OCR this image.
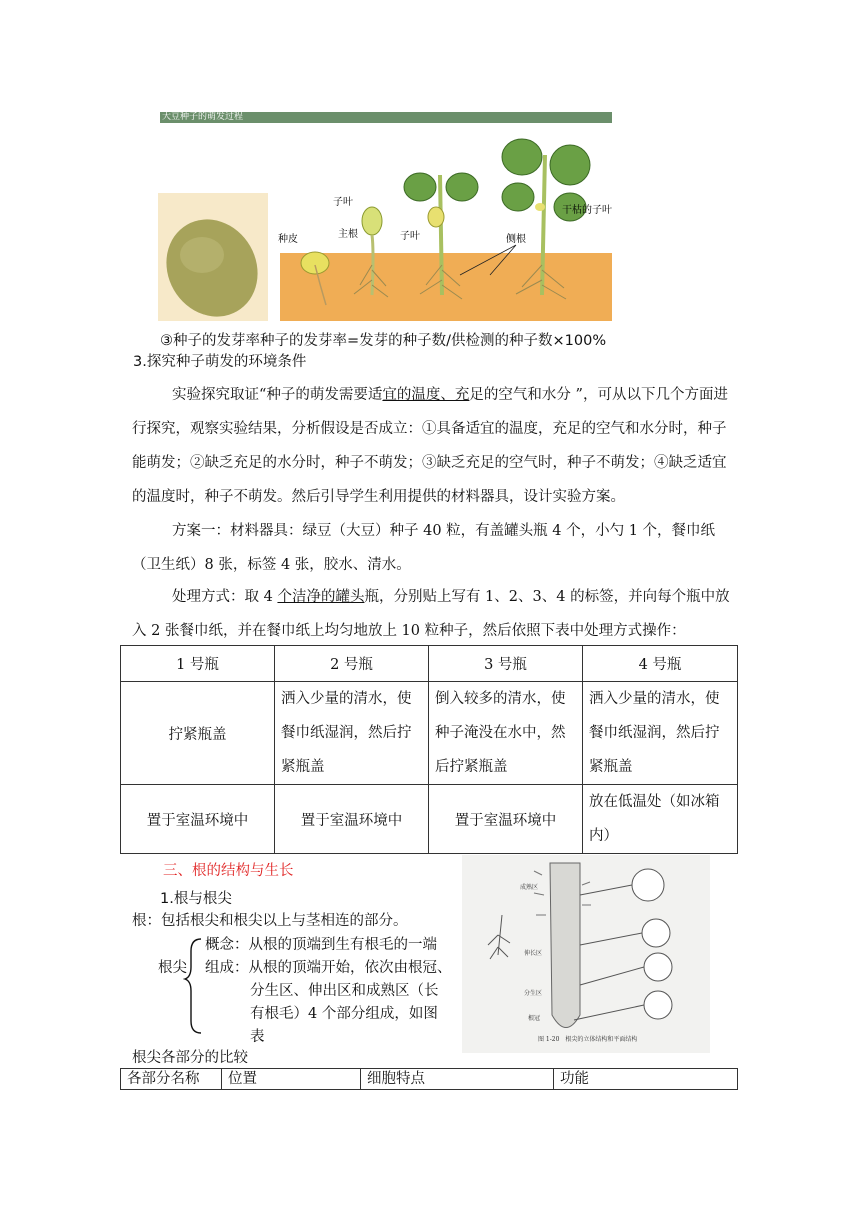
大豆种子的萌发过程
子叶
种皮	主根	子叶	侧根
干枯的子叶
③种子的发芽率种子的发芽率=发芽的种子数/供检测的种子数×100%
3.探究种子萌发的环境条件
实验探究取证“种子的萌发需要适宜的温度、充足的空气和水分 ”，可从以下几个方面进行探究，观察实验结果，分析假设是否成立：①具备适宜的温度，充足的空气和水分时，种子能萌发；②缺乏充足的水分时，种子不萌发；③缺乏充足的空气时，种子不萌发；④缺乏适宜的温度时，种子不萌发。然后引导学生利用提供的材料器具，设计实验方案。
方案一：材料器具：绿豆（大豆）种子 40 粒，有盖罐头瓶 4 个，小勺 1 个，餐巾纸（卫生纸）8 张，标签 4 张，胶水、清水。
处理方式：取 4 个洁净的罐头瓶，分别贴上写有 1、2、3、4 的标签，并向每个瓶中放入 2 张餐巾纸，并在餐巾纸上均匀地放上 10 粒种子，然后依照下表中处理方式操作：
1 号瓶	2 号瓶	3 号瓶	4 号瓶
拧紧瓶盖	洒入少量的清水，使餐巾纸湿润，然后拧紧瓶盖	倒入较多的清水，使种子淹没在水中，然后拧紧瓶盖	洒入少量的清水，使餐巾纸湿润，然后拧紧瓶盖
置于室温环境中	置于室温环境中	置于室温环境中	放在低温处（如冰箱内）
三、根的结构与生长
1.根与根尖
根：包括根尖和根尖以上与茎相连的部分。
根尖
概念：从根的顶端到生有根毛的一端
组成：从根的顶端开始，依次由根冠、
分生区、伸出区和成熟区（长
有根毛）4 个部分组成，如图
表
成熟区
伸长区
分生区
根冠
图 1-20　根尖的立体结构和平面结构
根尖各部分的比较
各部分名称	位置	细胞特点	功能
